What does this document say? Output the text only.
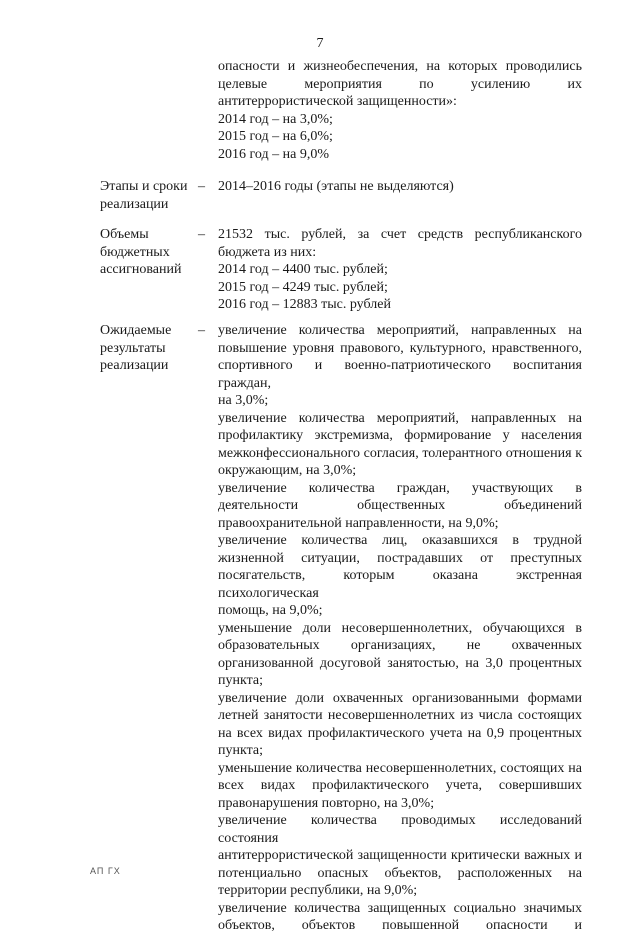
7
опасности и жизнеобеспечения, на которых проводились
целевые мероприятия по усилению их
антитеррористической защищенности»:
2014 год – на 3,0%;
2015 год – на 6,0%;
2016 год – на 9,0%
Этапы и сроки
реализации
– 2014–2016 годы (этапы не выделяются)
Объемы
бюджетных
ассигнований
– 21532 тыс. рублей, за счет средств республиканского
бюджета из них:
2014 год – 4400 тыс. рублей;
2015 год – 4249 тыс. рублей;
2016 год – 12883 тыс. рублей
Ожидаемые
результаты
реализации
– увеличение количества мероприятий, направленных на
повышение уровня правового, культурного, нравственного,
спортивного и военно-патриотического воспитания граждан,
на 3,0%;
увеличение количества мероприятий, направленных на
профилактику экстремизма, формирование у населения
межконфессионального согласия, толерантного отношения к
окружающим, на 3,0%;
увеличение количества граждан, участвующих в
деятельности общественных объединений
правоохранительной направленности, на 9,0%;
увеличение количества лиц, оказавшихся в трудной
жизненной ситуации, пострадавших от преступных
посягательств, которым оказана экстренная психологическая
помощь, на 9,0%;
уменьшение доли несовершеннолетних, обучающихся в
образовательных организациях, не охваченных
организованной досуговой занятостью, на 3,0 процентных
пункта;
увеличение доли охваченных организованными формами
летней занятости несовершеннолетних из числа состоящих
на всех видах профилактического учета на 0,9 процентных
пункта;
уменьшение количества несовершеннолетних, состоящих на
всех видах профилактического учета, совершивших
правонарушения повторно, на 3,0%;
увеличение количества проводимых исследований состояния
антитеррористической защищенности критически важных и
потенциально опасных объектов, расположенных на
территории республики, на 9,0%;
увеличение количества защищенных социально значимых
объектов, объектов повышенной опасности и
АП ГХ
